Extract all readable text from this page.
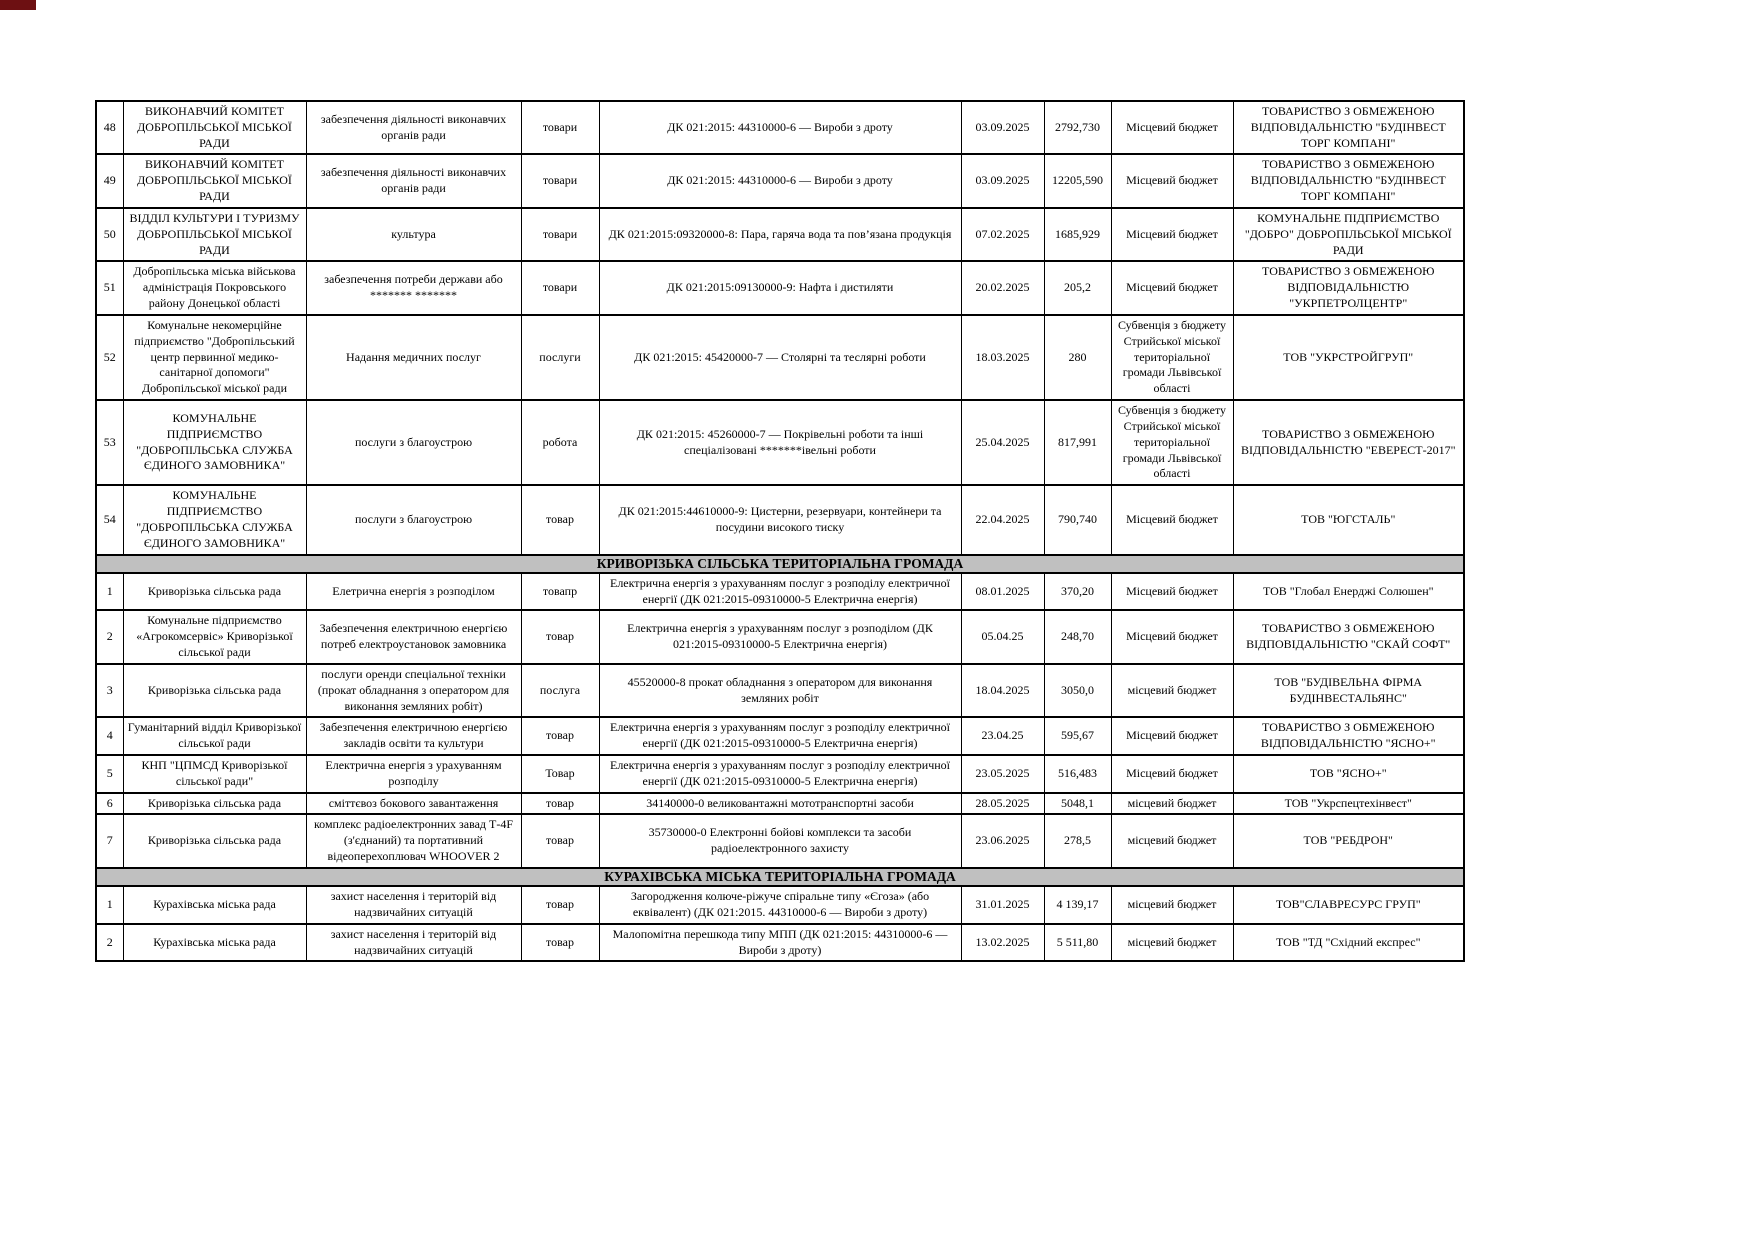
48	ВИКОНАВЧИЙ КОМІТЕТ ДОБРОПІЛЬСЬКОЇ МІСЬКОЇ РАДИ	забезпечення діяльності виконавчих органів ради	товари	ДК 021:2015: 44310000-6 — Вироби з дроту	03.09.2025	2792,730	Місцевий бюджет	ТОВАРИСТВО З ОБМЕЖЕНОЮ ВІДПОВІДАЛЬНІСТЮ "БУДІНВЕСТ ТОРГ КОМПАНІ"
49	ВИКОНАВЧИЙ КОМІТЕТ ДОБРОПІЛЬСЬКОЇ МІСЬКОЇ РАДИ	забезпечення діяльності виконавчих органів ради	товари	ДК 021:2015: 44310000-6 — Вироби з дроту	03.09.2025	12205,590	Місцевий бюджет	ТОВАРИСТВО З ОБМЕЖЕНОЮ ВІДПОВІДАЛЬНІСТЮ "БУДІНВЕСТ ТОРГ КОМПАНІ"
50	ВІДДІЛ КУЛЬТУРИ І ТУРИЗМУ ДОБРОПІЛЬСЬКОЇ МІСЬКОЇ РАДИ	культура	товари	ДК 021:2015:09320000-8: Пара, гаряча вода та пов’язана продукція	07.02.2025	1685,929	Місцевий бюджет	КОМУНАЛЬНЕ ПІДПРИЄМСТВО "ДОБРО" ДОБРОПІЛЬСЬКОЇ МІСЬКОЇ РАДИ
51	Добропільська міська військова адміністрація Покровського району Донецької області	забезпечення потреби держави або ******* *******	товари	ДК 021:2015:09130000-9: Нафта і дистиляти	20.02.2025	205,2	Місцевий бюджет	ТОВАРИСТВО З ОБМЕЖЕНОЮ ВІДПОВІДАЛЬНІСТЮ "УКРПЕТРОЛЦЕНТР"
52	Комунальне некомерційне підприємство "Добропільський центр первинної медико-санітарної допомоги" Добропільської міської ради	Надання медичних послуг	послуги	ДК 021:2015: 45420000-7 — Столярні та теслярні роботи	18.03.2025	280	Субвенція з бюджету Стрийської міської територіальної громади Львівської області	ТОВ "УКРСТРОЙГРУП"
53	КОМУНАЛЬНЕ ПІДПРИЄМСТВО "ДОБРОПІЛЬСЬКА СЛУЖБА ЄДИНОГО ЗАМОВНИКА"	послуги з благоустрою	робота	ДК 021:2015: 45260000-7 — Покрівельні роботи та інші спеціалізовані *******івельні роботи	25.04.2025	817,991	Субвенція з бюджету Стрийської міської територіальної громади Львівської області	ТОВАРИСТВО З ОБМЕЖЕНОЮ ВІДПОВІДАЛЬНІСТЮ "ЕВЕРЕСТ-2017"
54	КОМУНАЛЬНЕ ПІДПРИЄМСТВО "ДОБРОПІЛЬСЬКА СЛУЖБА ЄДИНОГО ЗАМОВНИКА"	послуги з благоустрою	товар	ДК 021:2015:44610000-9: Цистерни, резервуари, контейнери та посудини високого тиску	22.04.2025	790,740	Місцевий бюджет	ТОВ "ЮГСТАЛЬ"
КРИВОРІЗЬКА СІЛЬСЬКА ТЕРИТОРІАЛЬНА ГРОМАДА								
1	Криворізька сільська рада	Елетрична енергія з розподілом	товапр	Електрична енергія з урахуванням послуг з розподілу електричної енергії (ДК 021:2015-09310000-5 Електрична енергія)	08.01.2025	370,20	Місцевий бюджет	ТОВ "Глобал Енерджі Солюшен"
2	Комунальне підприємство «Агрокомсервіс» Криворізької сільської ради	Забезпечення електричною енергією потреб електроустановок замовника	товар	Електрична енергія з урахуванням послуг з розподілом (ДК 021:2015-09310000-5 Електрична енергія)	05.04.25	248,70	Місцевий бюджет	ТОВАРИСТВО З ОБМЕЖЕНОЮ ВІДПОВІДАЛЬНІСТЮ "СКАЙ СОФТ"
3	Криворізька сільська рада	послуги оренди спеціальної техніки (прокат обладнання з оператором для виконання земляних робіт)	послуга	45520000-8 прокат обладнання з оператором для виконання земляних робіт	18.04.2025	3050,0	місцевий бюджет	ТОВ "БУДІВЕЛЬНА ФІРМА БУДІНВЕСТАЛЬЯНС"
4	Гуманітарний відділ Криворізької сільської ради	Забезпечення електричною енергією закладів освіти та культури	товар	Електрична енергія з урахуванням послуг з розподілу електричної енергії (ДК 021:2015-09310000-5 Електрична енергія)	23.04.25	595,67	Місцевий бюджет	ТОВАРИСТВО З ОБМЕЖЕНОЮ ВІДПОВІДАЛЬНІСТЮ "ЯСНО+"
5	КНП "ЦПМСД Криворізької сільської ради"	Електрична енергія з урахуванням розподілу	Товар	Електрична енергія з урахуванням послуг з розподілу електричної енергії (ДК 021:2015-09310000-5 Електрична енергія)	23.05.2025	516,483	Місцевий бюджет	ТОВ "ЯСНО+"
6	Криворізька сільська рада	сміттєвоз бокового завантаження	товар	34140000-0 великовантажні мототранспортні засоби	28.05.2025	5048,1	місцевий бюджет	ТОВ "Укрспецтехінвест"
7	Криворізька сільська рада	комплекс радіоелектронних завад Т-4F (з'єднаний) та портативний відеоперехоплювач WHOOVER 2	товар	35730000-0 Електронні бойові комплекси та засоби радіоелектронного захисту	23.06.2025	278,5	місцевий бюджет	ТОВ "РЕБДРОН"
КУРАХІВСЬКА МІСЬКА ТЕРИТОРІАЛЬНА ГРОМАДА								
1	Курахівська міська рада	захист населення і територій від надзвичайних ситуацій	товар	Загородження колюче-ріжуче спіральне типу «Єгоза» (або еквівалент) (ДК 021:2015. 44310000-6 — Вироби з дроту)	31.01.2025	4 139,17	місцевий бюджет	ТОВ"СЛАВРЕСУРС ГРУП"
2	Курахівська міська рада	захист населення і територій від надзвичайних ситуацій	товар	Малопомітна перешкода типу МПП (ДК 021:2015: 44310000-6 — Вироби з дроту)	13.02.2025	5 511,80	місцевий бюджет	ТОВ "ТД "Східний експрес"
